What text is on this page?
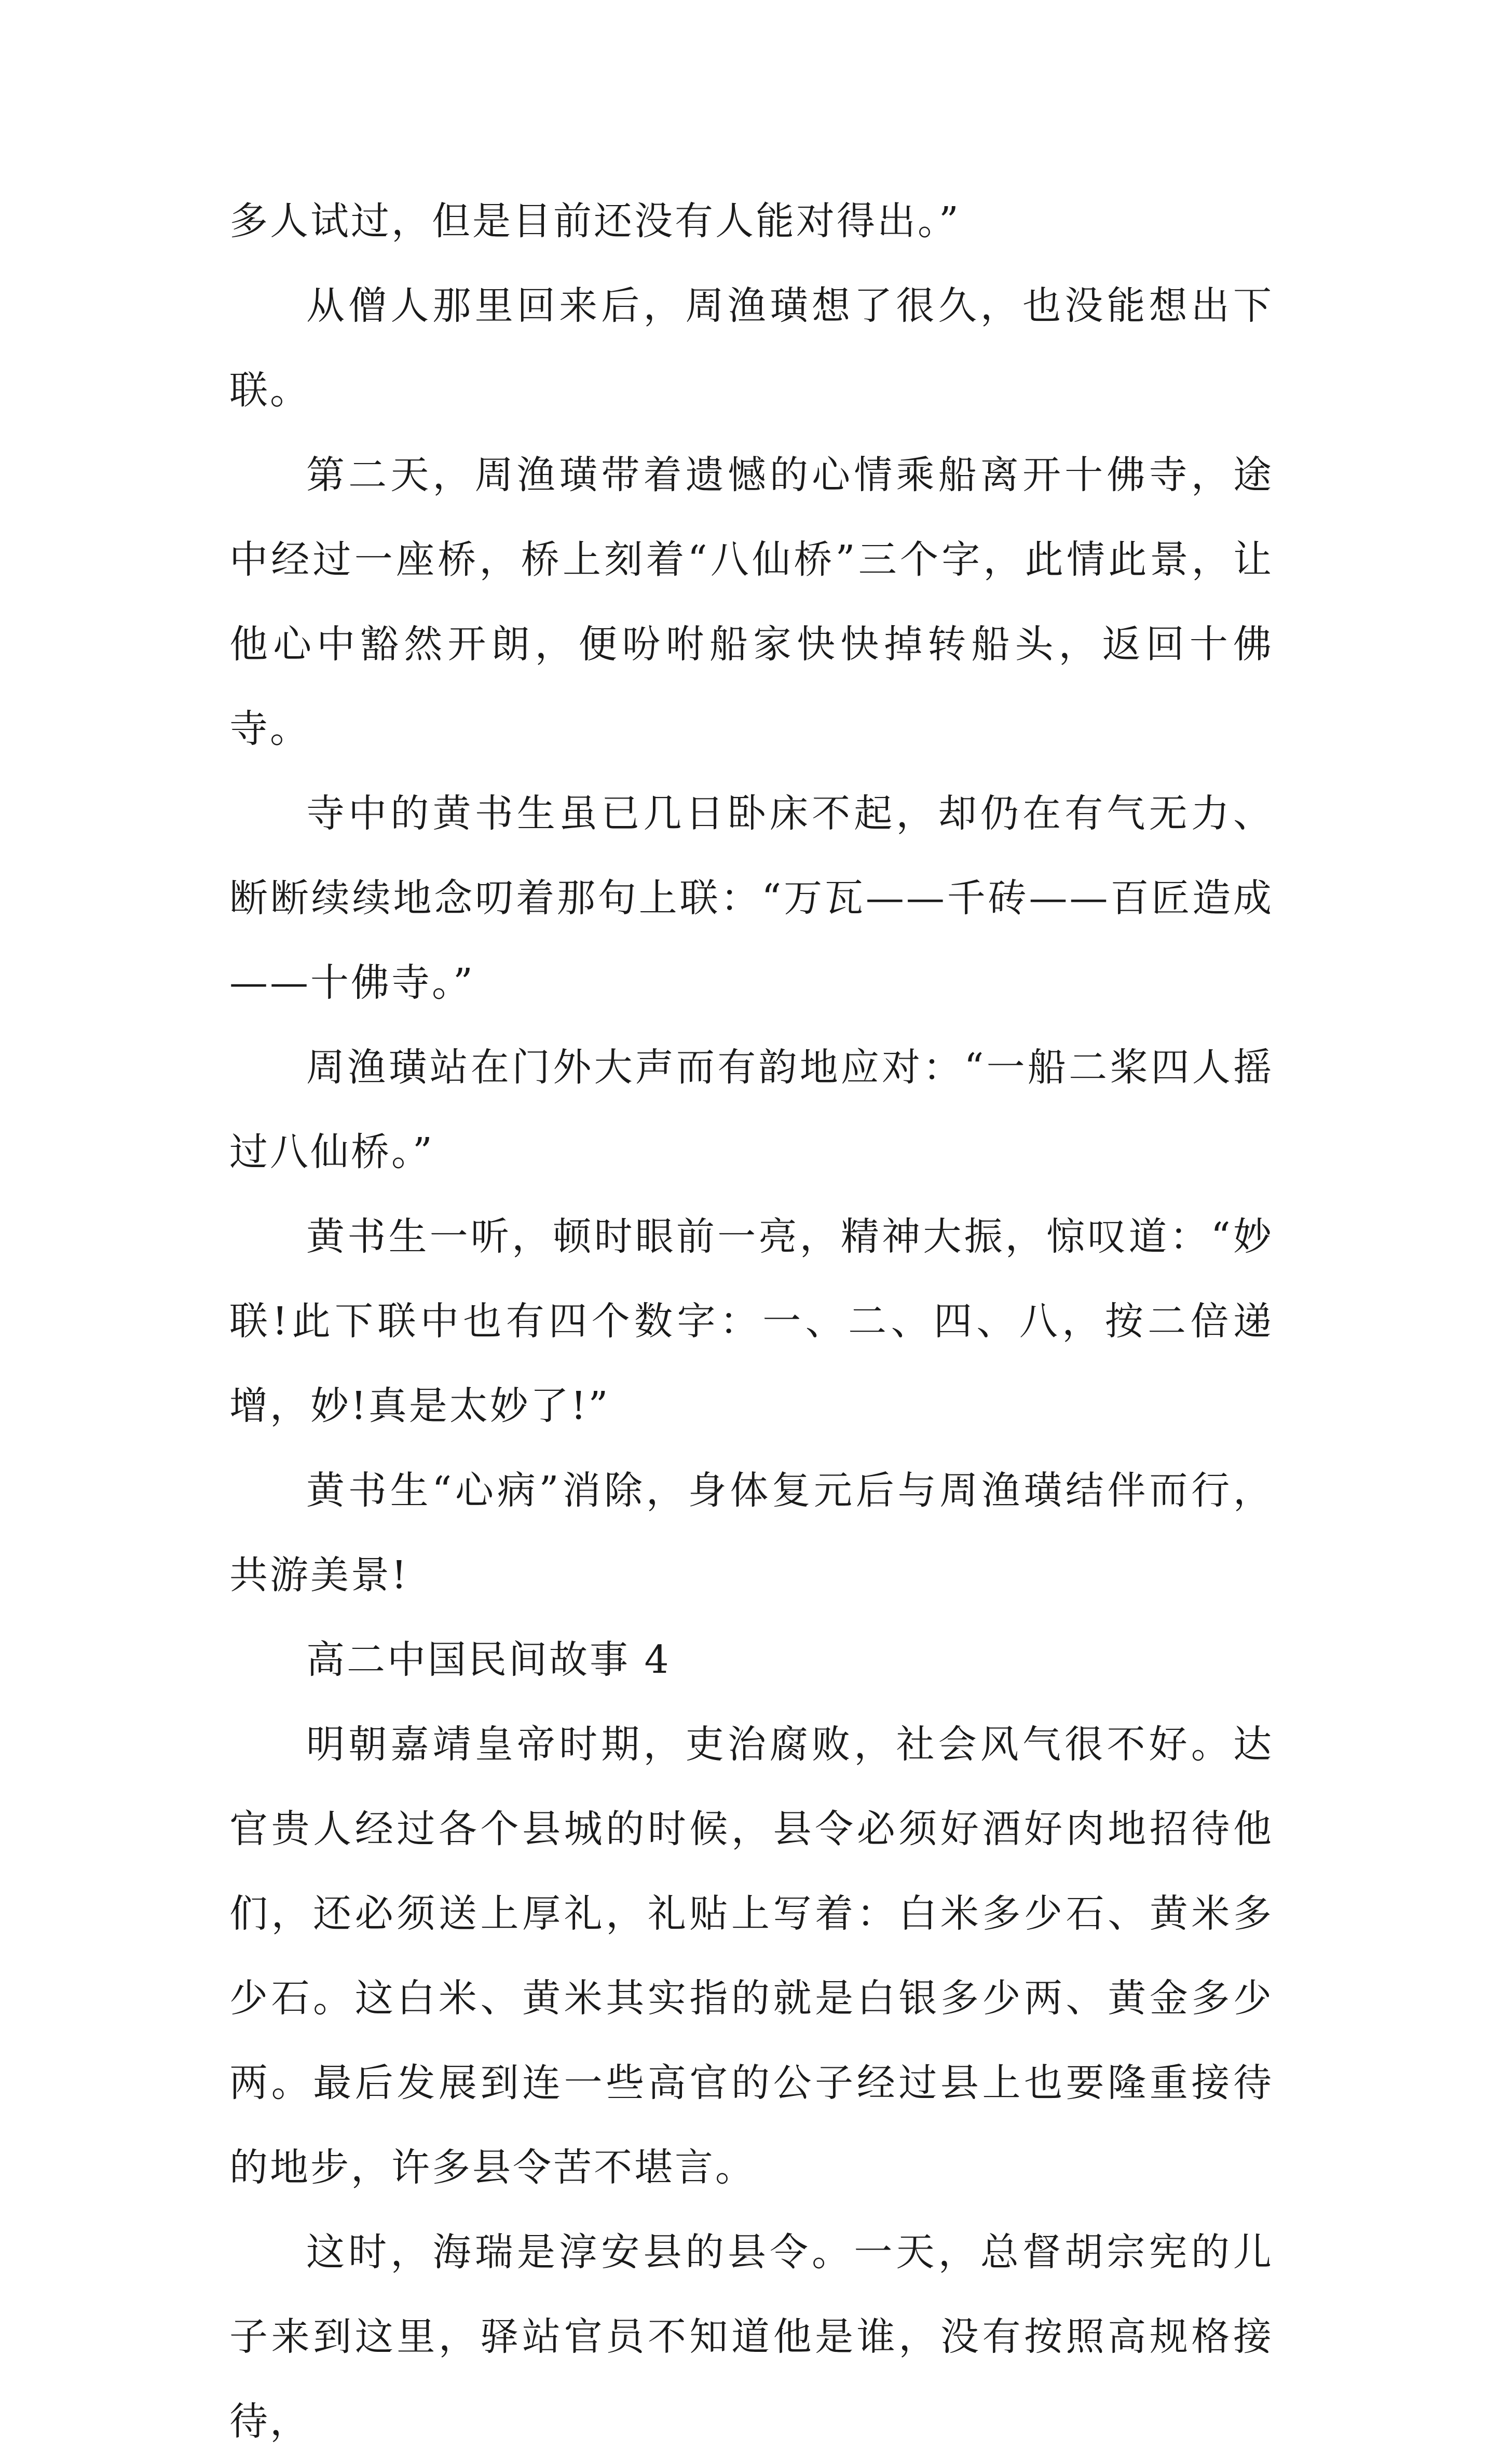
多人试过，但是目前还没有人能对得出。”

从僧人那里回来后，周渔璜想了很久，也没能想出下联。

第二天，周渔璜带着遗憾的心情乘船离开十佛寺，途中经过一座桥，桥上刻着“八仙桥”三个字，此情此景，让他心中豁然开朗，便吩咐船家快快掉转船头，返回十佛寺。

寺中的黄书生虽已几日卧床不起，却仍在有气无力、断断续续地念叨着那句上联：“万瓦——千砖——百匠造成——十佛寺。”

周渔璜站在门外大声而有韵地应对：“一船二桨四人摇过八仙桥。”

黄书生一听，顿时眼前一亮，精神大振，惊叹道：“妙联!此下联中也有四个数字：一、二、四、八，按二倍递增，妙!真是太妙了!”

黄书生“心病”消除，身体复元后与周渔璜结伴而行，共游美景!

高二中国民间故事 4

明朝嘉靖皇帝时期，吏治腐败，社会风气很不好。达官贵人经过各个县城的时候，县令必须好酒好肉地招待他们，还必须送上厚礼，礼贴上写着：白米多少石、黄米多少石。这白米、黄米其实指的就是白银多少两、黄金多少两。最后发展到连一些高官的公子经过县上也要隆重接待的地步，许多县令苦不堪言。

这时，海瑞是淳安县的县令。一天，总督胡宗宪的儿子来到这里，驿站官员不知道他是谁，没有按照高规格接待，
